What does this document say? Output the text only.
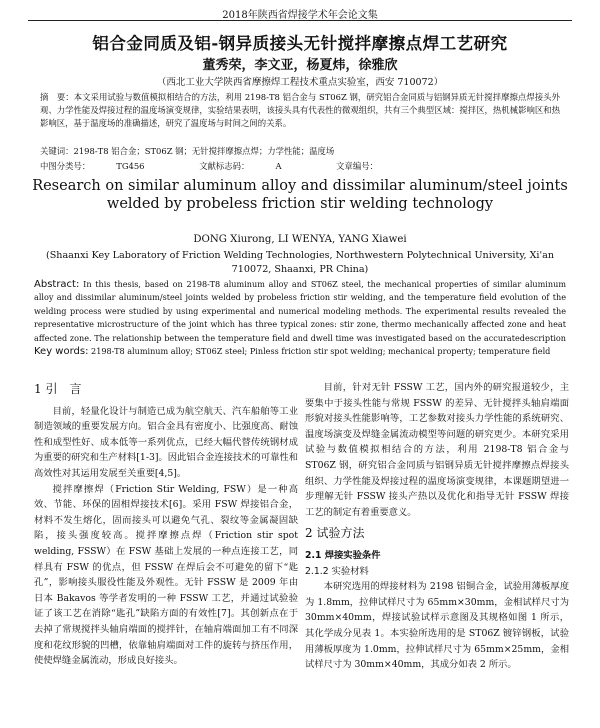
2018年陕西省焊接学术年会论文集
铝合金同质及铝-钢异质接头无针搅拌摩擦点焊工艺研究
董秀荣，李文亚，杨夏炜，徐雅欣
（西北工业大学陕西省摩擦焊工程技术重点实验室，西安 710072）
摘　要：本文采用试验与数值模拟相结合的方法，利用 2198-T8 铝合金与 ST06Z 钢，研究铝合金同质与铝钢异质无针搅拌摩擦点焊接头外观、力学性能及焊接过程的温度场演变规律，实验结果表明，该接头具有代表性的微观组织，共有三个典型区域：搅拌区，热机械影响区和热影响区，基于温度场的准确描述，研究了温度场与时间之间的关系。
关键词：2198-T8 铝合金；ST06Z 钢；无针搅拌摩擦点焊；力学性能；温度场
中图分类号：	TG456	文献标志码：	A	文章编号：
Research on similar aluminum alloy and dissimilar aluminum/steel joints welded by probeless friction stir welding technology
DONG Xiurong, LI WENYA, YANG Xiawei
(Shaanxi Key Laboratory of Friction Welding Technologies, Northwestern Polytechnical University, Xi'an 710072, Shaanxi, PR China)
Abstract: In this thesis, based on 2198-T8 aluminum alloy and ST06Z steel, the mechanical properties of similar aluminum alloy and dissimilar aluminum/steel joints welded by probeless friction stir welding, and the temperature field evolution of the welding process were studied by using experimental and numerical modeling methods. The experimental results revealed the representative microstructure of the joint which has three typical zones: stir zone, thermo mechanically affected zone and heat affected zone. The relationship between the temperature field and dwell time was investigated based on the accuratedescription
Key words: 2198-T8 aluminum alloy; ST06Z steel; Pinless friction stir spot welding; mechanical property; temperature field
1 引　言

目前，轻量化设计与制造已成为航空航天、汽车船舶等工业制造领域的重要发展方向。铝合金具有密度小、比强度高、耐蚀性和成型性好、成本低等一系列优点，已经大幅代替传统钢材成为重要的研究和生产材料[1-3]。因此铝合金连接技术的可靠性和高效性对其运用发展至关重要[4,5]。

搅拌摩擦焊（Friction Stir Welding, FSW）是一种高效、节能、环保的固相焊接技术[6]。采用 FSW 焊接铝合金，材料不发生熔化，固而接头可以避免气孔、裂纹等金属凝固缺陷，接头强度较高。搅拌摩擦点焊（Friction stir spot welding, FSSW）在 FSW 基础上发展的一种点连接工艺，同样具有 FSW 的优点，但 FSSW 在焊后会不可避免的留下“匙孔”，影响接头服役性能及外观性。无针 FSSW 是 2009 年由日本 Bakavos 等学者发明的一种 FSSW 工艺，并通过试验验证了该工艺在消除“匙孔”缺陷方面的有效性[7]。其创新点在于去掉了常规搅拌头轴肩端面的搅拌针，在轴肩端面加工有不同深度和花纹形貌的凹槽，依靠轴肩端面对工件的旋转与挤压作用，使使焊缝金属流动，形成良好接头。

目前，针对无针 FSSW 工艺，国内外的研究报道较少，主要集中于接头性能与常规 FSSW 的差异、无针搅拌头轴肩端面形貌对接头性能影响等，工艺参数对接头力学性能的系统研究、温度场演变及焊缝金属流动模型等问题的研究更少。本研究采用试验与数值模拟相结合的方法，利用 2198-T8 铝合金与 ST06Z 钢，研究铝合金同质与铝钢异质无针搅拌摩擦点焊接头组织、力学性能及焊接过程的温度场演变规律，本课题期望进一步理解无针 FSSW 接头产热以及优化和指导无针 FSSW 焊接工艺的制定有着重要意义。

2 试验方法
2.1 焊接实验条件
2.1.2 实验材料

本研究选用的焊接材料为 2198 铝铜合金，试验用薄板厚度为 1.8mm，拉伸试样尺寸为 65mm×30mm，金相试样尺寸为 30mm×40mm，焊接试验试样示意图及其规格如图 1 所示，其化学成分见表 1。本实验所选用的是 ST06Z 镀锌钢板，试验用薄板厚度为 1.0mm，拉伸试样尺寸为 65mm×25mm，金相试样尺寸为 30mm×40mm，其成分如表 2 所示。
